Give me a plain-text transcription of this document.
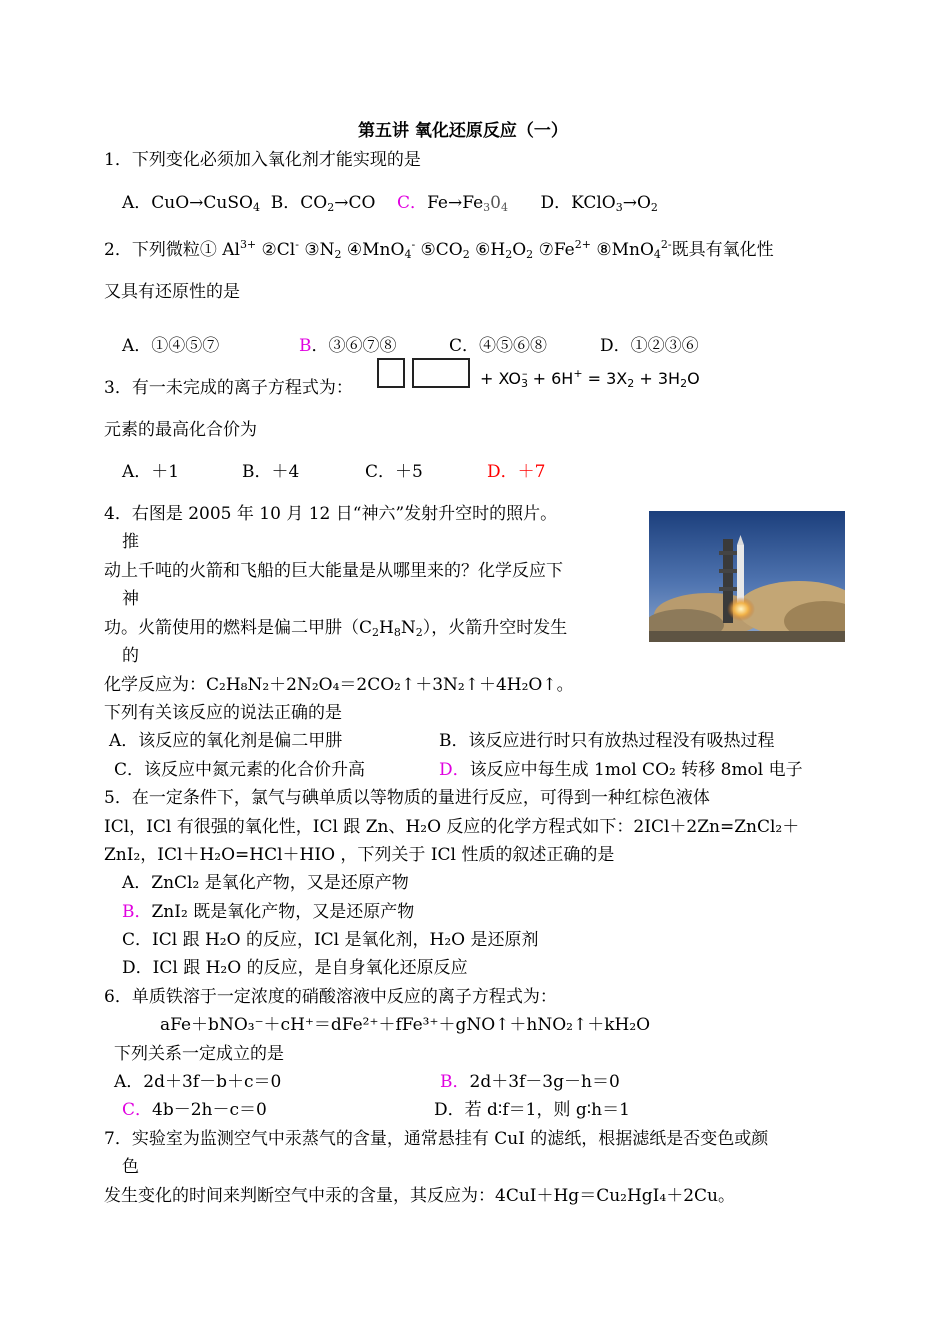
第五讲 氧化还原反应（一）
1．下列变化必须加入氧化剂才能实现的是
A．CuO→CuSO$_4$ B．$CO_2\to CO$    C．$Fe\to Fe_30_4$ D．$KClO_3\to O_2$
2．下列微粒① $Al^{3+}$ ②Cl- $③N_2$ ④MnO$_4$- $⑤CO_2$ $⑥H_2O_2$ $⑦Fe^{2+}$ ⑧MnO$_4^{2-}$既具有氧化性
又具有还原性的是
A．①④⑤⑦	B．③⑥⑦⑧	C．④⑤⑥⑧	D．①②③⑥
3．有一未完成的离子方程式为：	+ $XO_3^- + 6H^+ = 3X_2 + 3H_2O$
元素的最高化合价为
A．＋1	B．＋4	C．＋5	D．＋7
4．右图是 2005 年 10 月 12 日“神六”发射升空时的照片。
推
动上千吨的火箭和飞船的巨大能量是从哪里来的？化学反应下
神
功。火箭使用的燃料是偏二甲肼$(C_2H_8N_2)$，火箭升空时发生
的
化学反应为：C₂H₈N₂＋2N₂O₄＝2CO₂↑＋3N₂↑＋4H₂O↑。
下列有关该反应的说法正确的是
A．该反应的氧化剂是偏二甲肼	B．该反应进行时只有放热过程没有吸热过程
C．该反应中氮元素的化合价升高	D．该反应中每生成 1mol CO₂ 转移 8mol 电子
5．在一定条件下，氯气与碘单质以等物质的量进行反应，可得到一种红棕色液体
ICl，ICl 有很强的氧化性，ICl 跟 Zn、H₂O 反应的化学方程式如下：2ICl＋2Zn=ZnCl₂＋
ZnI₂，ICl＋H₂O=HCl＋HIO ，下列关于 ICl 性质的叙述正确的是
A．ZnCl₂ 是氧化产物，又是还原产物
B．ZnI₂ 既是氧化产物，又是还原产物
C．ICl 跟 H₂O 的反应，ICl 是氧化剂，H₂O 是还原剂
D．ICl 跟 H₂O 的反应，是自身氧化还原反应
6．单质铁溶于一定浓度的硝酸溶液中反应的离子方程式为：
aFe＋bNO₃⁻＋cH⁺＝dFe²⁺＋fFe³⁺＋gNO↑＋hNO₂↑＋kH₂O
下列关系一定成立的是
A．2d＋3f－b＋c＝0	B．2d＋3f－3g－h＝0
C．4b－2h－c＝0	D．若 d∶f＝1，则 g∶h＝1
7．实验室为监测空气中汞蒸气的含量，通常悬挂有 CuI 的滤纸，根据滤纸是否变色或颜
色
发生变化的时间来判断空气中汞的含量，其反应为：4CuI＋Hg＝Cu₂HgI₄＋2Cu。
